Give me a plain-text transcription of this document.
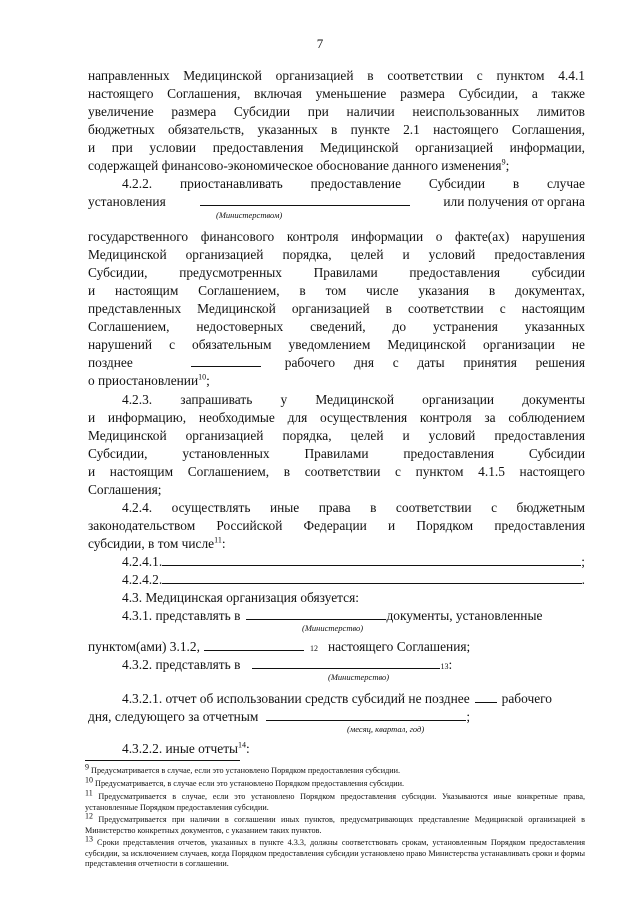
7
направленных Медицинской организацией в соответствии с пунктом 4.4.1
настоящего Соглашения, включая уменьшение размера Субсидии, а также
увеличение размера Субсидии при наличии неиспользованных лимитов
бюджетных обязательств, указанных в пункте 2.1 настоящего Соглашения,
и при условии предоставления Медицинской организацией информации,
содержащей финансово-экономическое обоснование данного изменения$^9$;
4.2.2. приостанавливать предоставление Субсидии в случае
установления	или получения от органа
(Министерством)
государственного финансового контроля информации о факте(ах) нарушения
Медицинской организацией порядка, целей и условий предоставления
Субсидии, предусмотренных Правилами предоставления субсидии
и настоящим Соглашением, в том числе указания в документах,
представленных Медицинской организацией в соответствии с настоящим
Соглашением, недостоверных сведений, до устранения указанных
нарушений с обязательным уведомлением Медицинской организации не
позднее	рабочего дня с даты принятия решения
о приостановлении$^{10}$;
4.2.3. запрашивать у Медицинской организации документы
и информацию, необходимые для осуществления контроля за соблюдением
Медицинской организацией порядка, целей и условий предоставления
Субсидии, установленных Правилами предоставления Субсидии
и настоящим Соглашением, в соответствии с пунктом 4.1.5 настоящего
Соглашения;
4.2.4. осуществлять иные права в соответствии с бюджетным
законодательством Российской Федерации и Порядком предоставления
субсидии, в том числе$^{11}$:
4.2.4.1.	;
4.2.4.2.	.
4.3. Медицинская организация обязуется:
4.3.1. представлять в	документы, установленные
(Министерство)
пунктом(ами) 3.1.2,	12 настоящего Соглашения;
4.3.2. представлять в	13 :
(Министерство)
4.3.2.1. отчет об использовании средств субсидий не позднее рабочего
дня, следующего за отчетным	;
(месяц, квартал, год)
4.3.2.2. иные отчеты$^{14}$:
$^9$ Предусматривается в случае, если это установлено Порядком предоставления субсидии.
$^{10}$ Предусматривается, в случае если это установлено Порядком предоставления субсидии.
$^{11}$ Предусматривается в случае, если это установлено Порядком предоставления субсидии. Указываются иные конкретные права, установленные Порядком предоставления субсидии.
$^{12}$ Предусматривается при наличии в соглашении иных пунктов, предусматривающих представление Медицинской организацией в Министерство конкретных документов, с указанием таких пунктов.
$^{13}$ Сроки представления отчетов, указанных в пункте 4.3.3, должны соответствовать срокам, установленным Порядком предоставления субсидии, за исключением случаев, когда Порядком предоставления субсидии установлено право Министерства устанавливать сроки и формы представления отчетности в соглашении.
